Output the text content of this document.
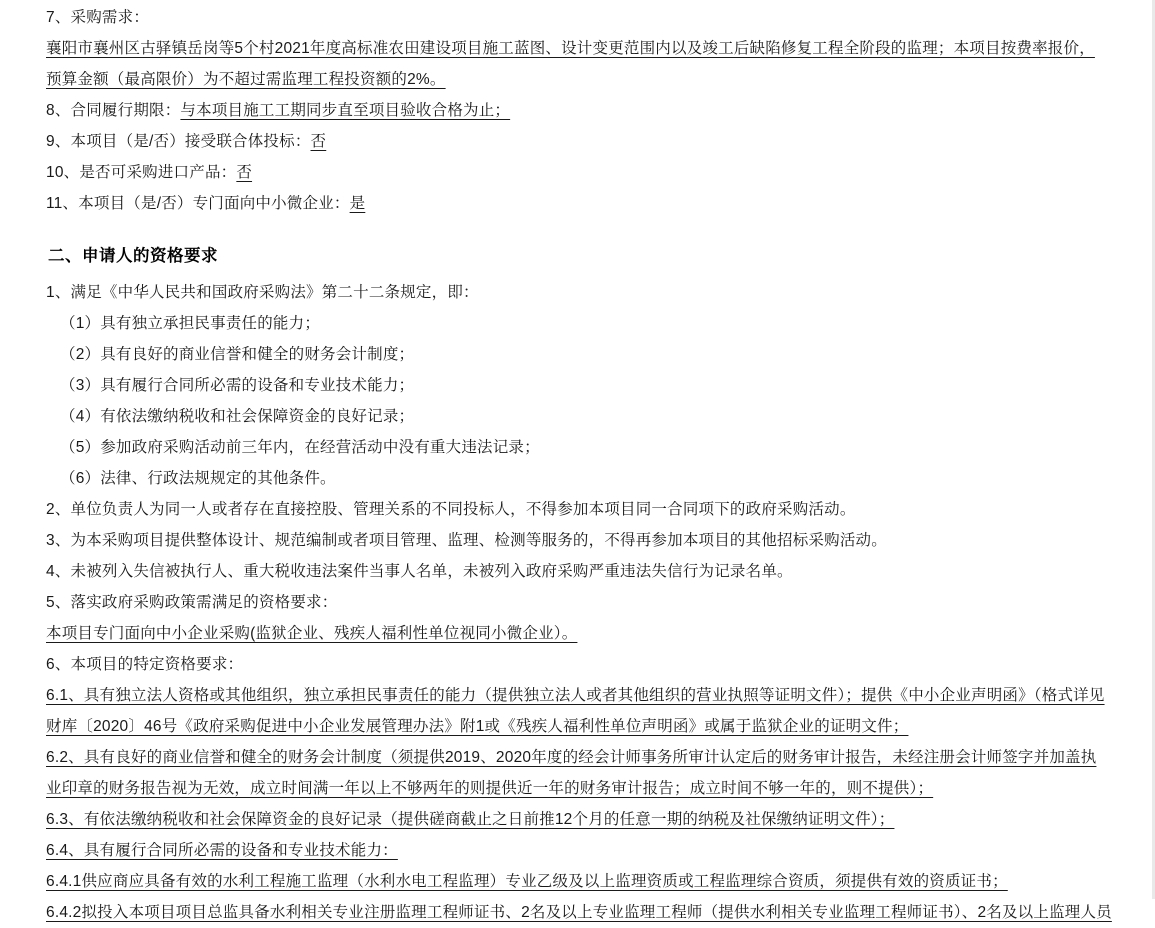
7、采购需求：
襄阳市襄州区古驿镇岳岗等5个村2021年度高标准农田建设项目施工蓝图、设计变更范围内以及竣工后缺陷修复工程全阶段的监理；本项目按费率报价，预算金额（最高限价）为不超过需监理工程投资额的2%。
8、合同履行期限：与本项目施工工期同步直至项目验收合格为止；
9、本项目（是/否）接受联合体投标：否
10、是否可采购进口产品：否
11、本项目（是/否）专门面向中小微企业：是
二、申请人的资格要求
1、满足《中华人民共和国政府采购法》第二十二条规定，即：
（1）具有独立承担民事责任的能力；
（2）具有良好的商业信誉和健全的财务会计制度；
（3）具有履行合同所必需的设备和专业技术能力；
（4）有依法缴纳税收和社会保障资金的良好记录；
（5）参加政府采购活动前三年内，在经营活动中没有重大违法记录；
（6）法律、行政法规规定的其他条件。
2、单位负责人为同一人或者存在直接控股、管理关系的不同投标人，不得参加本项目同一合同项下的政府采购活动。
3、为本采购项目提供整体设计、规范编制或者项目管理、监理、检测等服务的，不得再参加本项目的其他招标采购活动。
4、未被列入失信被执行人、重大税收违法案件当事人名单，未被列入政府采购严重违法失信行为记录名单。
5、落实政府采购政策需满足的资格要求：
本项目专门面向中小企业采购(监狱企业、残疾人福利性单位视同小微企业）。
6、本项目的特定资格要求：
6.1、具有独立法人资格或其他组织，独立承担民事责任的能力（提供独立法人或者其他组织的营业执照等证明文件）；提供《中小企业声明函》（格式详见财库〔2020〕46号《政府采购促进中小企业发展管理办法》附1或《残疾人福利性单位声明函》或属于监狱企业的证明文件；
6.2、具有良好的商业信誉和健全的财务会计制度（须提供2019、2020年度的经会计师事务所审计认定后的财务审计报告，未经注册会计师签字并加盖执业印章的财务报告视为无效，成立时间满一年以上不够两年的则提供近一年的财务审计报告；成立时间不够一年的，则不提供）；
6.3、有依法缴纳税收和社会保障资金的良好记录（提供磋商截止之日前推12个月的任意一期的纳税及社保缴纳证明文件）；
6.4、具有履行合同所必需的设备和专业技术能力：
6.4.1供应商应具备有效的水利工程施工监理（水利水电工程监理）专业乙级及以上监理资质或工程监理综合资质，须提供有效的资质证书；
6.4.2拟投入本项目项目总监具备水利相关专业注册监理工程师证书、2名及以上专业监理工程师（提供水利相关专业监理工程师证书）、2名及以上监理人员
